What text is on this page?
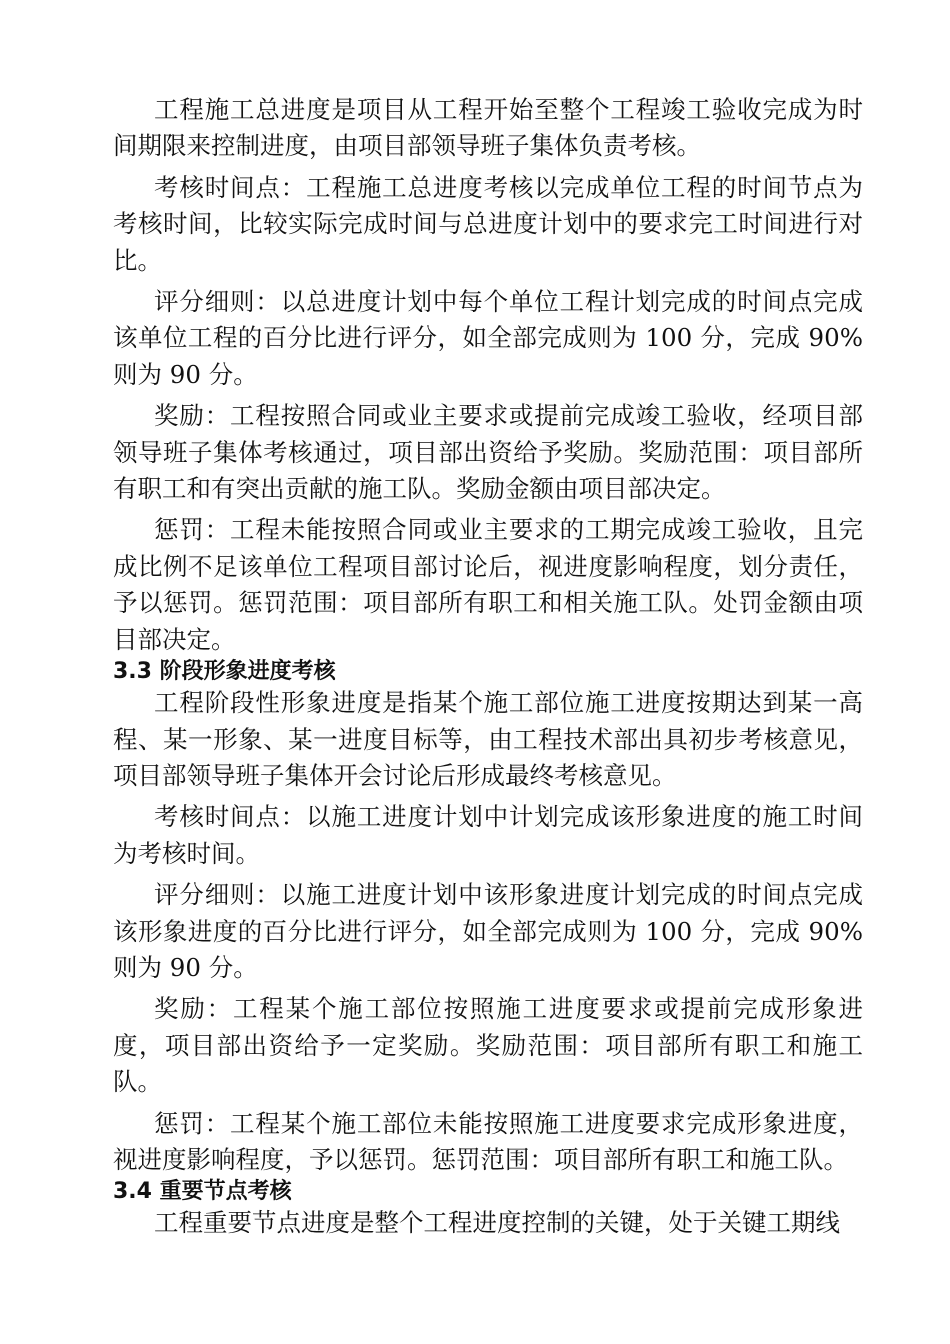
工程施工总进度是项目从工程开始至整个工程竣工验收完成为时间期限来控制进度，由项目部领导班子集体负责考核。

考核时间点：工程施工总进度考核以完成单位工程的时间节点为考核时间，比较实际完成时间与总进度计划中的要求完工时间进行对比。

评分细则：以总进度计划中每个单位工程计划完成的时间点完成该单位工程的百分比进行评分，如全部完成则为 100 分，完成 90%则为 90 分。

奖励：工程按照合同或业主要求或提前完成竣工验收，经项目部领导班子集体考核通过，项目部出资给予奖励。奖励范围：项目部所有职工和有突出贡献的施工队。奖励金额由项目部决定。

惩罚：工程未能按照合同或业主要求的工期完成竣工验收，且完成比例不足该单位工程项目部讨论后，视进度影响程度，划分责任，予以惩罚。惩罚范围：项目部所有职工和相关施工队。处罚金额由项目部决定。

3.3 阶段形象进度考核

工程阶段性形象进度是指某个施工部位施工进度按期达到某一高程、某一形象、某一进度目标等，由工程技术部出具初步考核意见，项目部领导班子集体开会讨论后形成最终考核意见。

考核时间点：以施工进度计划中计划完成该形象进度的施工时间为考核时间。

评分细则：以施工进度计划中该形象进度计划完成的时间点完成该形象进度的百分比进行评分，如全部完成则为 100 分，完成 90%则为 90 分。

奖励：工程某个施工部位按照施工进度要求或提前完成形象进度，项目部出资给予一定奖励。奖励范围：项目部所有职工和施工队。

惩罚：工程某个施工部位未能按照施工进度要求完成形象进度，视进度影响程度，予以惩罚。惩罚范围：项目部所有职工和施工队。

3.4 重要节点考核

工程重要节点进度是整个工程进度控制的关键，处于关键工期线
